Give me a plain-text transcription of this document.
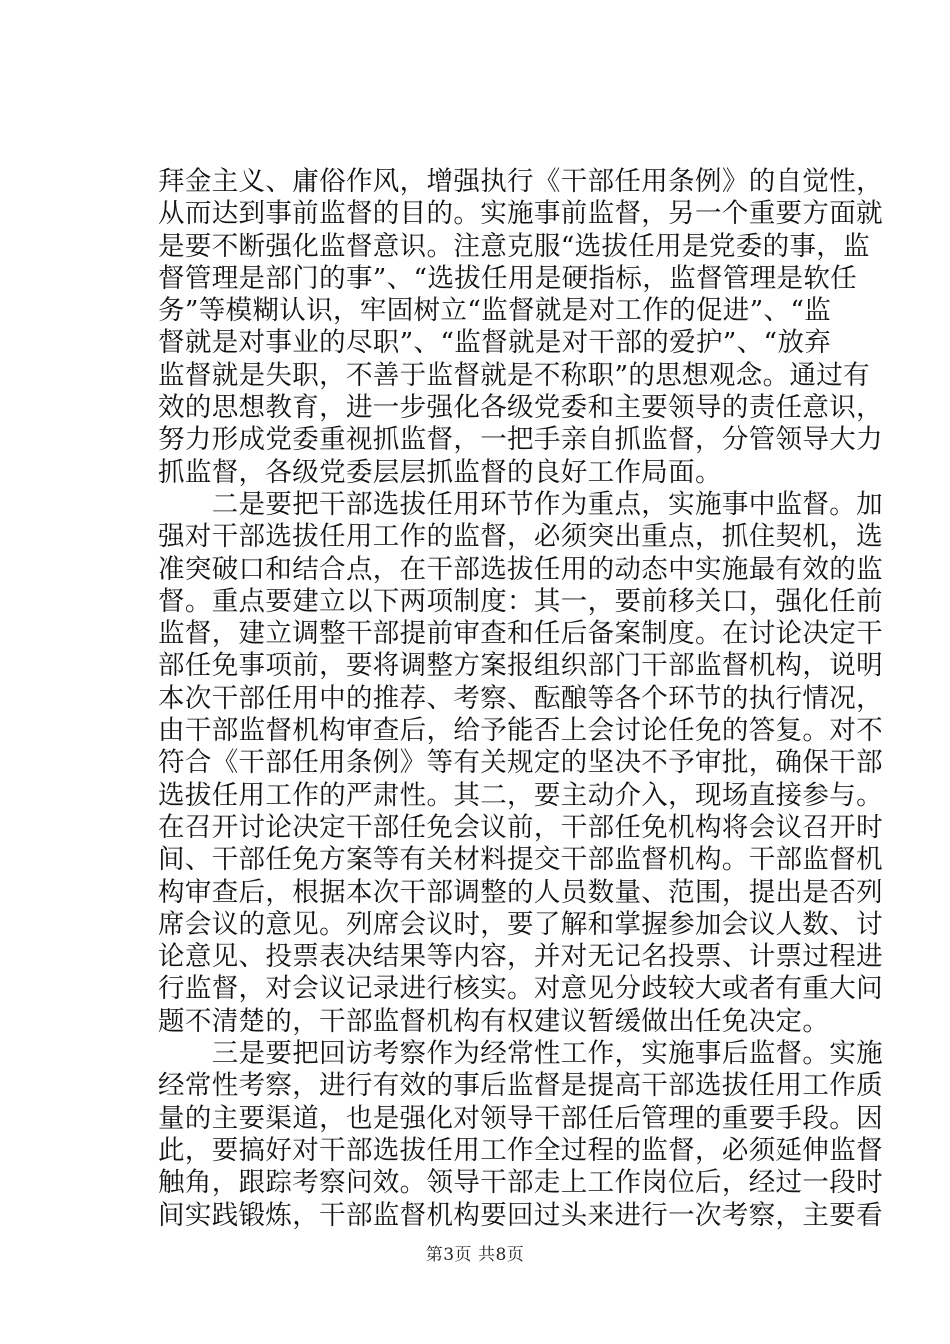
拜金主义、庸俗作风，增强执行《干部任用条例》的自觉性，
从而达到事前监督的目的。实施事前监督，另一个重要方面就
是要不断强化监督意识。注意克服“选拔任用是党委的事，监
督管理是部门的事”、“选拔任用是硬指标，监督管理是软任
务”等模糊认识，牢固树立“监督就是对工作的促进”、“监
督就是对事业的尽职”、“监督就是对干部的爱护”、“放弃
监督就是失职，不善于监督就是不称职”的思想观念。通过有
效的思想教育，进一步强化各级党委和主要领导的责任意识，
努力形成党委重视抓监督，一把手亲自抓监督，分管领导大力
抓监督，各级党委层层抓监督的良好工作局面。
　　二是要把干部选拔任用环节作为重点，实施事中监督。加
强对干部选拔任用工作的监督，必须突出重点，抓住契机，选
准突破口和结合点，在干部选拔任用的动态中实施最有效的监
督。重点要建立以下两项制度：其一，要前移关口，强化任前
监督，建立调整干部提前审查和任后备案制度。在讨论决定干
部任免事项前，要将调整方案报组织部门干部监督机构，说明
本次干部任用中的推荐、考察、酝酿等各个环节的执行情况，
由干部监督机构审查后，给予能否上会讨论任免的答复。对不
符合《干部任用条例》等有关规定的坚决不予审批，确保干部
选拔任用工作的严肃性。其二，要主动介入，现场直接参与。
在召开讨论决定干部任免会议前，干部任免机构将会议召开时
间、干部任免方案等有关材料提交干部监督机构。干部监督机
构审查后，根据本次干部调整的人员数量、范围，提出是否列
席会议的意见。列席会议时，要了解和掌握参加会议人数、讨
论意见、投票表决结果等内容，并对无记名投票、计票过程进
行监督，对会议记录进行核实。对意见分歧较大或者有重大问
题不清楚的，干部监督机构有权建议暂缓做出任免决定。
　　三是要把回访考察作为经常性工作，实施事后监督。实施
经常性考察，进行有效的事后监督是提高干部选拔任用工作质
量的主要渠道，也是强化对领导干部任后管理的重要手段。因
此，要搞好对干部选拔任用工作全过程的监督，必须延伸监督
触角，跟踪考察问效。领导干部走上工作岗位后，经过一段时
间实践锻炼，干部监督机构要回过头来进行一次考察，主要看
第3页 共8页
